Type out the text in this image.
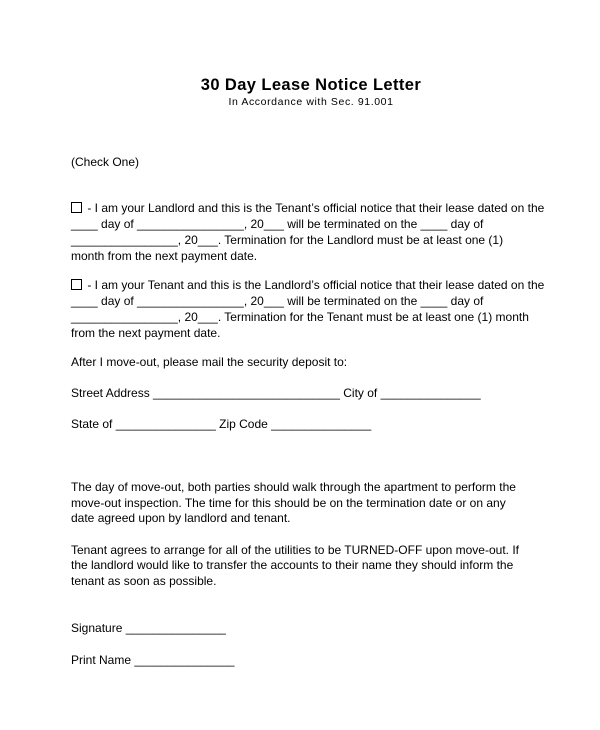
30 Day Lease Notice Letter
In Accordance with Sec. 91.001
(Check One)
- I am your Landlord and this is the Tenant’s official notice that their lease dated on the
____ day of ________________, 20___ will be terminated on the ____ day of
________________, 20___. Termination for the Landlord must be at least one (1)
month from the next payment date.
- I am your Tenant and this is the Landlord’s official notice that their lease dated on the
____ day of ________________, 20___ will be terminated on the ____ day of
________________, 20___. Termination for the Tenant must be at least one (1) month
from the next payment date.
After I move-out, please mail the security deposit to:
Street Address ____________________________ City of _______________
State of _______________ Zip Code _______________
The day of move-out, both parties should walk through the apartment to perform the
move-out inspection. The time for this should be on the termination date or on any
date agreed upon by landlord and tenant.
Tenant agrees to arrange for all of the utilities to be TURNED-OFF upon move-out. If
the landlord would like to transfer the accounts to their name they should inform the
tenant as soon as possible.
Signature _______________
Print Name _______________
